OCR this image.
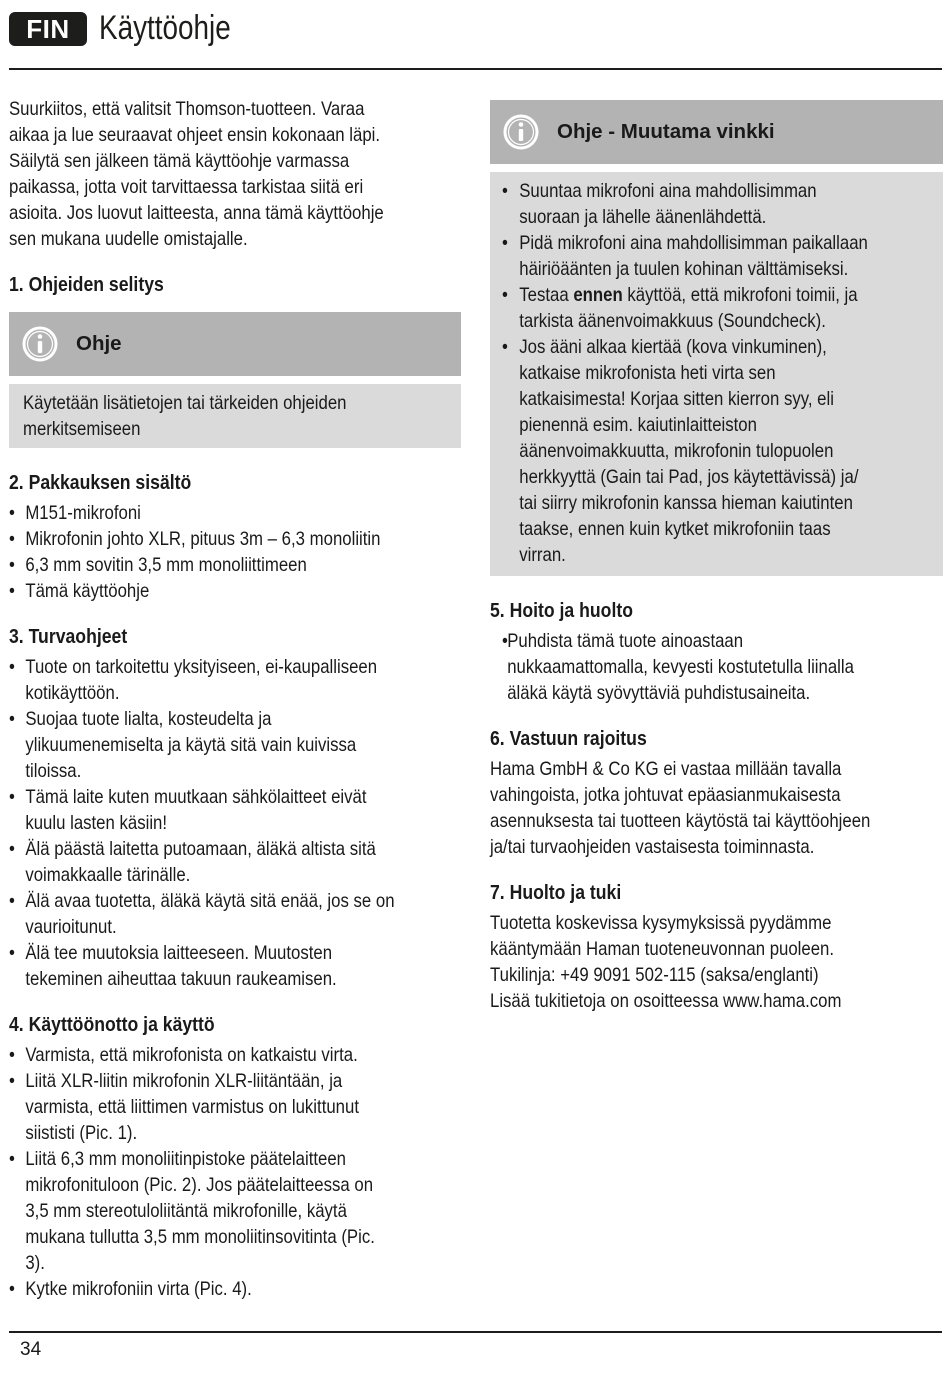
FIN Käyttöohje

Suurkiitos, että valitsit Thomson-tuotteen. Varaa aikaa ja lue seuraavat ohjeet ensin kokonaan läpi. Säilytä sen jälkeen tämä käyttöohje varmassa paikassa, jotta voit tarvittaessa tarkistaa siitä eri asioita. Jos luovut laitteesta, anna tämä käyttöohje sen mukana uudelle omistajalle.

1. Ohjeiden selitys
Ohje

Käytetään lisätietojen tai tärkeiden ohjeiden merkitsemiseen

2. Pakkauksen sisältö
• M151-mikrofoni
• Mikrofonin johto XLR, pituus 3m – 6,3 monoliitin
• 6,3 mm sovitin 3,5 mm monoliittimeen
• Tämä käyttöohje
3. Turvaohjeet
• Tuote on tarkoitettu yksityiseen, ei-kaupalliseen kotikäyttöön.
• Suojaa tuote lialta, kosteudelta ja ylikuumenemiselta ja käytä sitä vain kuivissa tiloissa.
• Tämä laite kuten muutkaan sähkölaitteet eivät kuulu lasten käsiin!
• Älä päästä laitetta putoamaan, äläkä altista sitä voimakkaalle tärinälle.
• Älä avaa tuotetta, äläkä käytä sitä enää, jos se on vaurioitunut.
• Älä tee muutoksia laitteeseen. Muutosten tekeminen aiheuttaa takuun raukeamisen.
4. Käyttöönotto ja käyttö
• Varmista, että mikrofonista on katkaistu virta.
• Liitä XLR-liitin mikrofonin XLR-liitäntään, ja varmista, että liittimen varmistus on lukittunut siististi (Pic. 1).
• Liitä 6,3 mm monoliitinpistoke päätelaitteen mikrofonituloon (Pic. 2). Jos päätelaitteessa on 3,5 mm stereotuloliitäntä mikrofonille, käytä mukana tullutta 3,5 mm monoliitinsovitinta (Pic. 3).
• Kytke mikrofoniin virta (Pic. 4).
Ohje - Muutama vinkki
• Suuntaa mikrofoni aina mahdollisimman suoraan ja lähelle äänenlähdettä.
• Pidä mikrofoni aina mahdollisimman paikallaan häiriöäänten ja tuulen kohinan välttämiseksi.
• Testaa ennen käyttöä, että mikrofoni toimii, ja tarkista äänenvoimakkuus (Soundcheck).
• Jos ääni alkaa kiertää (kova vinkuminen), katkaise mikrofonista heti virta sen katkaisimesta! Korjaa sitten kierron syy, eli pienennä esim. kaiutinlaitteiston äänenvoimakkuutta, mikrofonin tulopuolen herkkyyttä (Gain tai Pad, jos käytettävissä) ja/ tai siirry mikrofonin kanssa hieman kaiutinten taakse, ennen kuin kytket mikrofoniin taas virran.
5. Hoito ja huolto
• Puhdista tämä tuote ainoastaan nukkaamattomalla, kevyesti kostutetulla liinalla äläkä käytä syövyttäviä puhdistusaineita.
6. Vastuun rajoitus

Hama GmbH & Co KG ei vastaa millään tavalla vahingoista, jotka johtuvat epäasianmukaisesta asennuksesta tai tuotteen käytöstä tai käyttöohjeen ja/tai turvaohjeiden vastaisesta toiminnasta.

7. Huolto ja tuki

Tuotetta koskevissa kysymyksissä pyydämme kääntymään Haman tuoteneuvonnan puoleen.

Tukilinja: +49 9091 502-115 (saksa/englanti)

Lisää tukitietoja on osoitteessa www.hama.com

34
